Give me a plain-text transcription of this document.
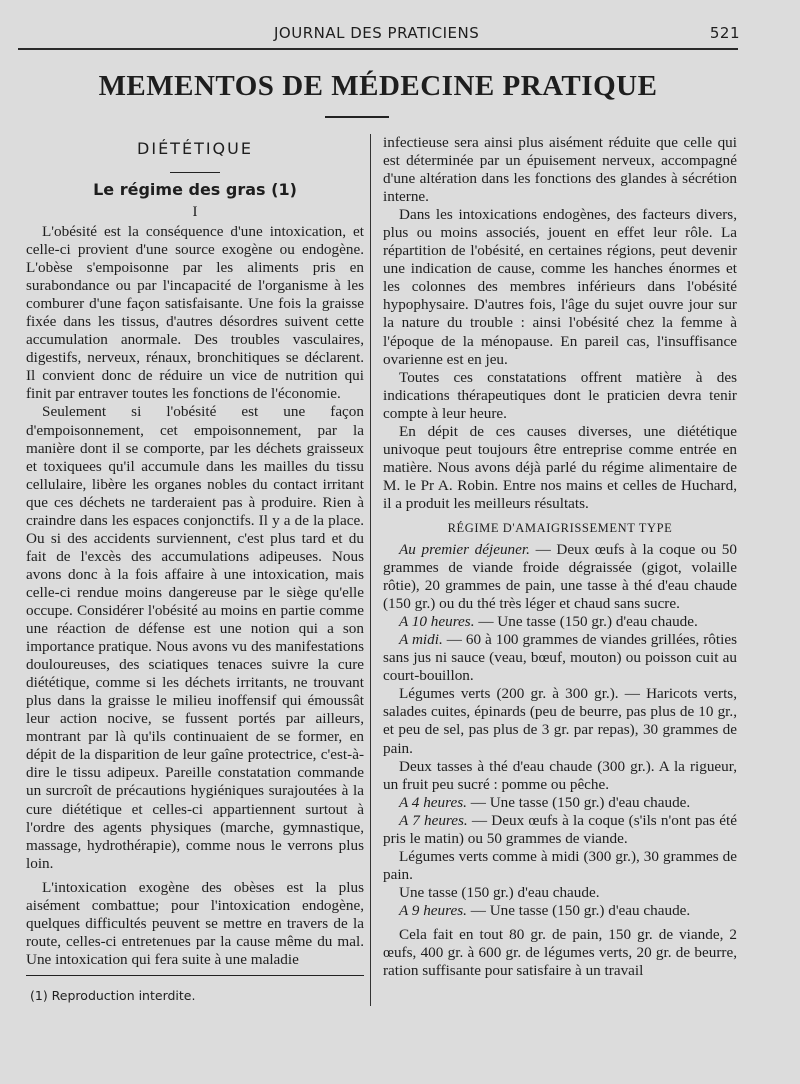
JOURNAL DES PRATICIENS	521
MEMENTOS DE MÉDECINE PRATIQUE
DIÉTÉTIQUE
Le régime des gras (1)
I

L'obésité est la conséquence d'une intoxication, et celle-ci provient d'une source exogène ou endogène. L'obèse s'empoisonne par les aliments pris en surabondance ou par l'incapacité de l'organisme à les comburer d'une façon satisfaisante. Une fois la graisse fixée dans les tissus, d'autres désordres suivent cette accumulation anormale. Des troubles vasculaires, digestifs, nerveux, rénaux, bronchitiques se déclarent. Il convient donc de réduire un vice de nutrition qui finit par entraver toutes les fonctions de l'économie.

Seulement si l'obésité est une façon d'empoisonnement, cet empoisonnement, par la manière dont il se comporte, par les déchets graisseux et toxiquees qu'il accumule dans les mailles du tissu cellulaire, libère les organes nobles du contact irritant que ces déchets ne tarderaient pas à produire. Rien à craindre dans les espaces conjonctifs. Il y a de la place. Ou si des accidents surviennent, c'est plus tard et du fait de l'excès des accumulations adipeuses. Nous avons donc à la fois affaire à une intoxication, mais celle-ci rendue moins dangereuse par le siège qu'elle occupe. Considérer l'obésité au moins en partie comme une réaction de défense est une notion qui a son importance pratique. Nous avons vu des manifestations douloureuses, des sciatiques tenaces suivre la cure diététique, comme si les déchets irritants, ne trouvant plus dans la graisse le milieu inoffensif qui émoussât leur action nocive, se fussent portés par ailleurs, montrant par là qu'ils continuaient de se former, en dépit de la disparition de leur gaîne protectrice, c'est-à-dire le tissu adipeux. Pareille constatation commande un surcroît de précautions hygiéniques surajoutées à la cure diététique et celles-ci appartiennent surtout à l'ordre des agents physiques (marche, gymnastique, massage, hydrothérapie), comme nous le verrons plus loin.

L'intoxication exogène des obèses est la plus aisément combattue; pour l'intoxication endogène, quelques difficultés peuvent se mettre en travers de la route, celles-ci entretenues par la cause même du mal. Une intoxication qui fera suite à une maladie

(1) Reproduction interdite.

infectieuse sera ainsi plus aisément réduite que celle qui est déterminée par un épuisement nerveux, accompagné d'une altération dans les fonctions des glandes à sécrétion interne.

Dans les intoxications endogènes, des facteurs divers, plus ou moins associés, jouent en effet leur rôle. La répartition de l'obésité, en certaines régions, peut devenir une indication de cause, comme les hanches énormes et les colonnes des membres inférieurs dans l'obésité hypophysaire. D'autres fois, l'âge du sujet ouvre jour sur la nature du trouble : ainsi l'obésité chez la femme à l'époque de la ménopause. En pareil cas, l'insuffisance ovarienne est en jeu.

Toutes ces constatations offrent matière à des indications thérapeutiques dont le praticien devra tenir compte à leur heure.

En dépit de ces causes diverses, une diététique univoque peut toujours être entreprise comme entrée en matière. Nous avons déjà parlé du régime alimentaire de M. le Pr A. Robin. Entre nos mains et celles de Huchard, il a produit les meilleurs résultats.

RÉGIME D'AMAIGRISSEMENT TYPE

Au premier déjeuner. — Deux œufs à la coque ou 50 grammes de viande froide dégraissée (gigot, volaille rôtie), 20 grammes de pain, une tasse à thé d'eau chaude (150 gr.) ou du thé très léger et chaud sans sucre.

A 10 heures. — Une tasse (150 gr.) d'eau chaude.

A midi. — 60 à 100 grammes de viandes grillées, rôties sans jus ni sauce (veau, bœuf, mouton) ou poisson cuit au court-bouillon.

Légumes verts (200 gr. à 300 gr.). — Haricots verts, salades cuites, épinards (peu de beurre, pas plus de 10 gr., et peu de sel, pas plus de 3 gr. par repas), 30 grammes de pain.

Deux tasses à thé d'eau chaude (300 gr.). A la rigueur, un fruit peu sucré : pomme ou pêche.

A 4 heures. — Une tasse (150 gr.) d'eau chaude.

A 7 heures. — Deux œufs à la coque (s'ils n'ont pas été pris le matin) ou 50 grammes de viande.

Légumes verts comme à midi (300 gr.), 30 grammes de pain.

Une tasse (150 gr.) d'eau chaude.

A 9 heures. — Une tasse (150 gr.) d'eau chaude.

Cela fait en tout 80 gr. de pain, 150 gr. de viande, 2 œufs, 400 gr. à 600 gr. de légumes verts, 20 gr. de beurre, ration suffisante pour satisfaire à un travail
